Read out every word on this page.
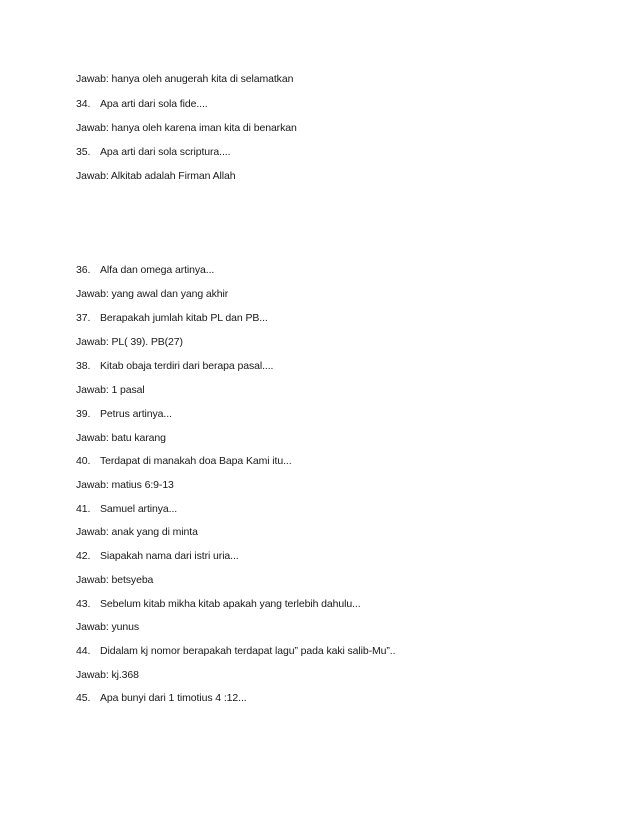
Jawab: hanya oleh anugerah kita di selamatkan
34. Apa arti dari sola fide....
Jawab: hanya oleh karena iman kita di benarkan
35. Apa arti dari sola scriptura....
Jawab: Alkitab adalah Firman Allah
36. Alfa dan omega artinya...
Jawab: yang awal dan yang akhir
37. Berapakah jumlah kitab PL dan PB...
Jawab: PL( 39). PB(27)
38. Kitab obaja terdiri dari berapa pasal....
Jawab: 1 pasal
39. Petrus artinya...
Jawab: batu karang
40. Terdapat di manakah doa Bapa Kami itu...
Jawab: matius 6:9-13
41. Samuel artinya...
Jawab: anak yang di minta
42. Siapakah nama dari istri uria...
Jawab: betsyeba
43. Sebelum kitab mikha kitab apakah yang terlebih dahulu...
Jawab: yunus
44. Didalam kj nomor berapakah terdapat lagu” pada kaki salib-Mu”..
Jawab: kj.368
45. Apa bunyi dari 1 timotius 4 :12...
